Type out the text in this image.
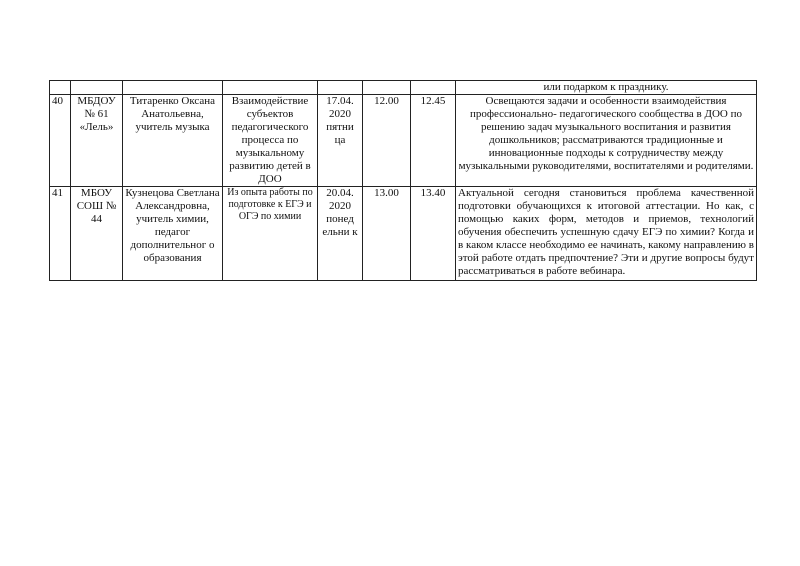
							или подарком к празднику.
40	МБДОУ № 61 «Лель»	Титаренко Оксана Анатольевна, учитель музыка	Взаимодействие субъектов педагогического процесса по музыкальному развитию детей в ДОО	17.04. 2020 пятни ца	12.00	12.45	Освещаются задачи и особенности взаимодействия профессионально- педагогического сообщества в ДОО по решению задач музыкального воспитания и развития дошкольников; рассматриваются традиционные и инновационные подходы к сотрудничеству между музыкальными руководителями, воспитателями и родителями.
41	МБОУ СОШ № 44	Кузнецова Светлана Александровна, учитель химии, педагог дополнительног о образования	Из опыта работы по подготовке к ЕГЭ и ОГЭ по химии	20.04. 2020 понед ельни к	13.00	13.40	Актуальной сегодня становиться проблема качественной подготовки обучающихся к итоговой аттестации. Но как, с помощью каких форм, методов и приемов, технологий обучения обеспечить успешную сдачу ЕГЭ по химии? Когда и в каком классе необходимо ее начинать, какому направлению в этой работе отдать предпочтение? Эти и другие вопросы будут рассматриваться в работе вебинара.
